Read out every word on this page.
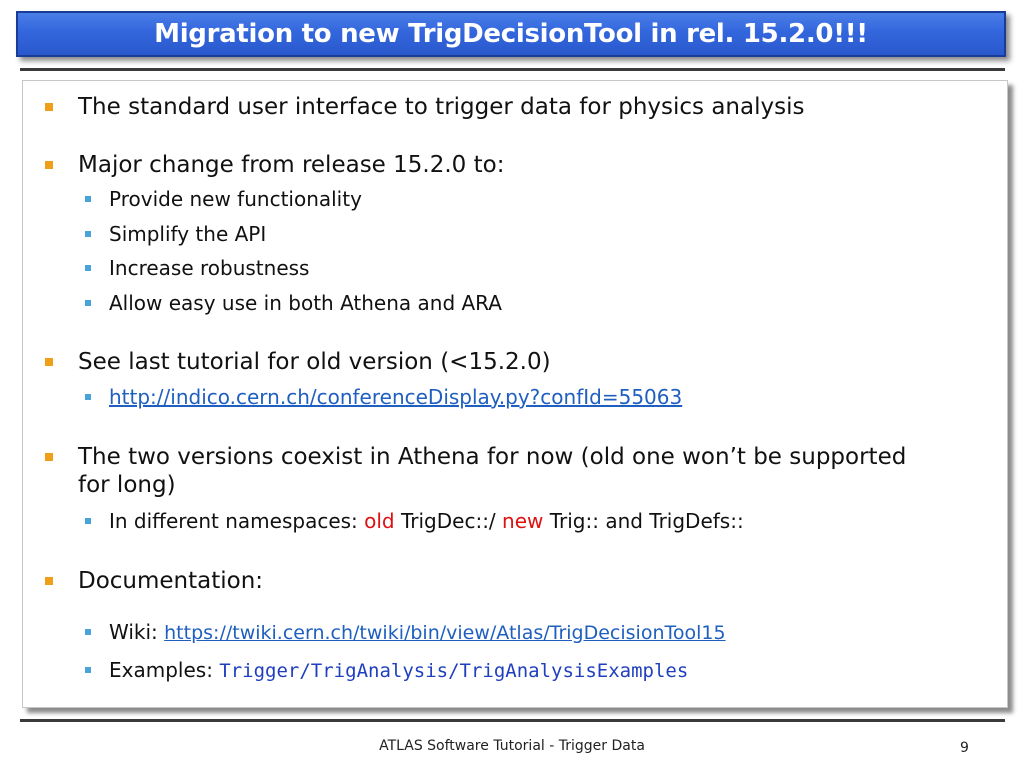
Migration to new TrigDecisionTool in rel. 15.2.0!!!
The standard user interface to trigger data for physics analysis
Major change from release 15.2.0 to:
Provide new functionality
Simplify the API
Increase robustness
Allow easy use in both Athena and ARA
See last tutorial for old version (<15.2.0)
http://indico.cern.ch/conferenceDisplay.py?confId=55063
The two versions coexist in Athena for now (old one won’t be supported
for long)
In different namespaces: old TrigDec::/ new Trig:: and TrigDefs::
Documentation:
Wiki: https://twiki.cern.ch/twiki/bin/view/Atlas/TrigDecisionTool15
Examples: Trigger/TrigAnalysis/TrigAnalysisExamples
ATLAS Software Tutorial - Trigger Data	9
